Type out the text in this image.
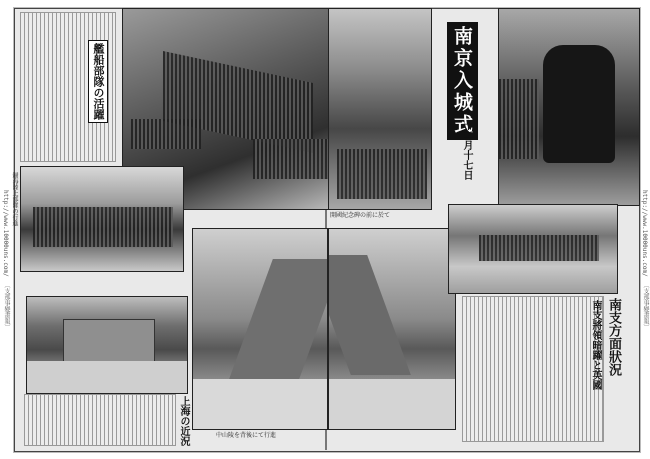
艦船部隊の活躍
錨海陸上部隊の行進
上海の近況	中山陵を背後にて行進
開國紀念碑の前に於て
南京入城式
十二月十七日
南支方面狀況
南支將領暗躍と英國
http://www.10000uns.com/
〔支那事變畫報〕
http://www.10000uns.com/
〔支那事變畫報〕
